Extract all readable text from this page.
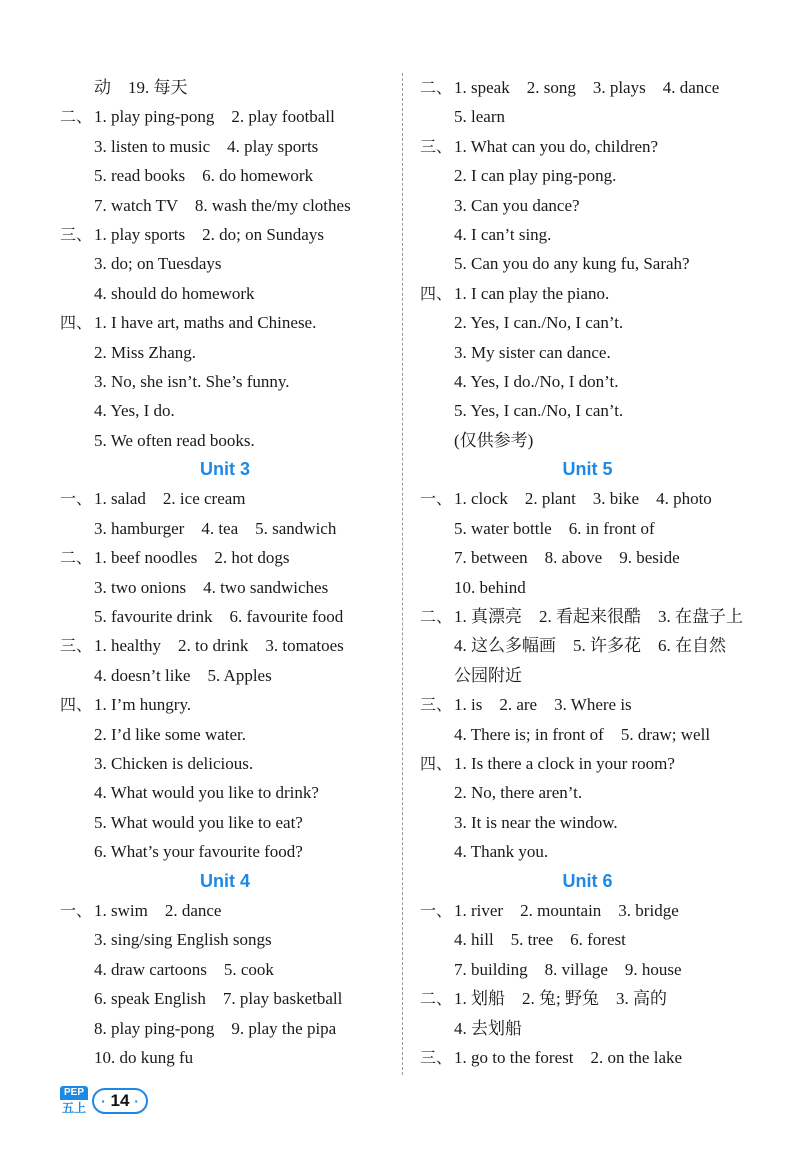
动　19. 每天
二、 1. play ping-pong　2. play football
3. listen to music　4. play sports
5. read books　6. do homework
7. watch TV　8. wash the/my clothes
三、 1. play sports　2. do; on Sundays
3. do; on Tuesdays
4. should do homework
四、 1. I have art, maths and Chinese.
2. Miss Zhang.
3. No, she isn’t. She’s funny.
4. Yes, I do.
5. We often read books.
Unit 3
一、 1. salad　2. ice cream
3. hamburger　4. tea　5. sandwich
二、 1. beef noodles　2. hot dogs
3. two onions　4. two sandwiches
5. favourite drink　6. favourite food
三、 1. healthy　2. to drink　3. tomatoes
4. doesn’t like　5. Apples
四、 1. I’m hungry.
2. I’d like some water.
3. Chicken is delicious.
4. What would you like to drink?
5. What would you like to eat?
6. What’s your favourite food?
Unit 4
一、 1. swim　2. dance
3. sing/sing English songs
4. draw cartoons　5. cook
6. speak English　7. play basketball
8. play ping-pong　9. play the pipa
10. do kung fu
二、 1. speak　2. song　3. plays　4. dance
5. learn
三、 1. What can you do, children?
2. I can play ping-pong.
3. Can you dance?
4. I can’t sing.
5. Can you do any kung fu, Sarah?
四、 1. I can play the piano.
2. Yes, I can./No, I can’t.
3. My sister can dance.
4. Yes, I do./No, I don’t.
5. Yes, I can./No, I can’t.
(仅供参考)
Unit 5
一、 1. clock　2. plant　3. bike　4. photo
5. water bottle　6. in front of
7. between　8. above　9. beside
10. behind
二、 1. 真漂亮　2. 看起来很酷　3. 在盘子上
4. 这么多幅画　5. 许多花　6. 在自然
公园附近
三、 1. is　2. are　3. Where is
4. There is; in front of　5. draw; well
四、 1. Is there a clock in your room?
2. No, there aren’t.
3. It is near the window.
4. Thank you.
Unit 6
一、 1. river　2. mountain　3. bridge
4. hill　5. tree　6. forest
7. building　8. village　9. house
二、 1. 划船　2. 兔; 野兔　3. 高的
4. 去划船
三、 1. go to the forest　2. on the lake
PEP
五上	· 14 ·
